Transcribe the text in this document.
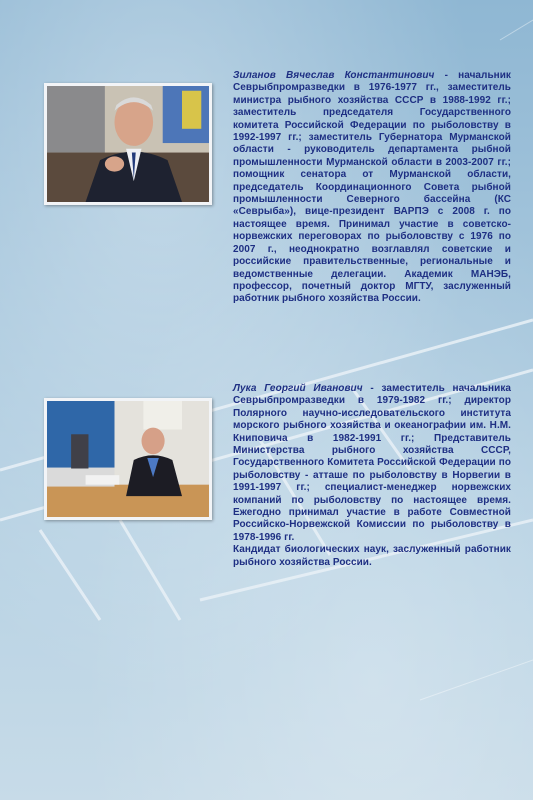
Зиланов Вячеслав Константинович - начальник Севрыбпромразведки в 1976-1977 гг., заместитель министра рыбного хозяйства СССР в 1988-1992 гг.; заместитель председателя Государственного комитета Российской Федерации по рыболовству в 1992-1997 гг.; заместитель Губернатора Мурманской области - руководитель департамента рыбной промышленности Мурманской области в 2003-2007 гг.; помощник сенатора от Мурманской области, председатель Координационного Совета рыбной промышленности Северного бассейна (КС «Севрыба»), вице-президент ВАРПЭ с 2008 г. по настоящее время. Принимал участие в советско-норвежских переговорах по рыболовству с 1976 по 2007 г., неоднократно возглавлял советские и российские правительственные, региональные и ведомственные делегации. Академик МАНЭБ, профессор, почетный доктор МГТУ, заслуженный работник рыбного хозяйства России.

Лука Георгий Иванович - заместитель начальника Севрыбпромразведки в 1979-1982 гг.; директор Полярного научно-исследовательского института морского рыбного хозяйства и океанографии им. Н.М. Книповича в 1982-1991 гг.; Представитель Министерства рыбного хозяйства СССР, Государственного Комитета Российской Федерации по рыболовству - атташе по рыболовству в Норвегии в 1991-1997 гг.; специалист-менеджер норвежских компаний по рыболовству по настоящее время. Ежегодно принимал участие в работе Совместной Российско-Норвежской Комиссии по рыболовству в 1978-1996 гг.

Кандидат биологических наук, заслуженный работник рыбного хозяйства России.
